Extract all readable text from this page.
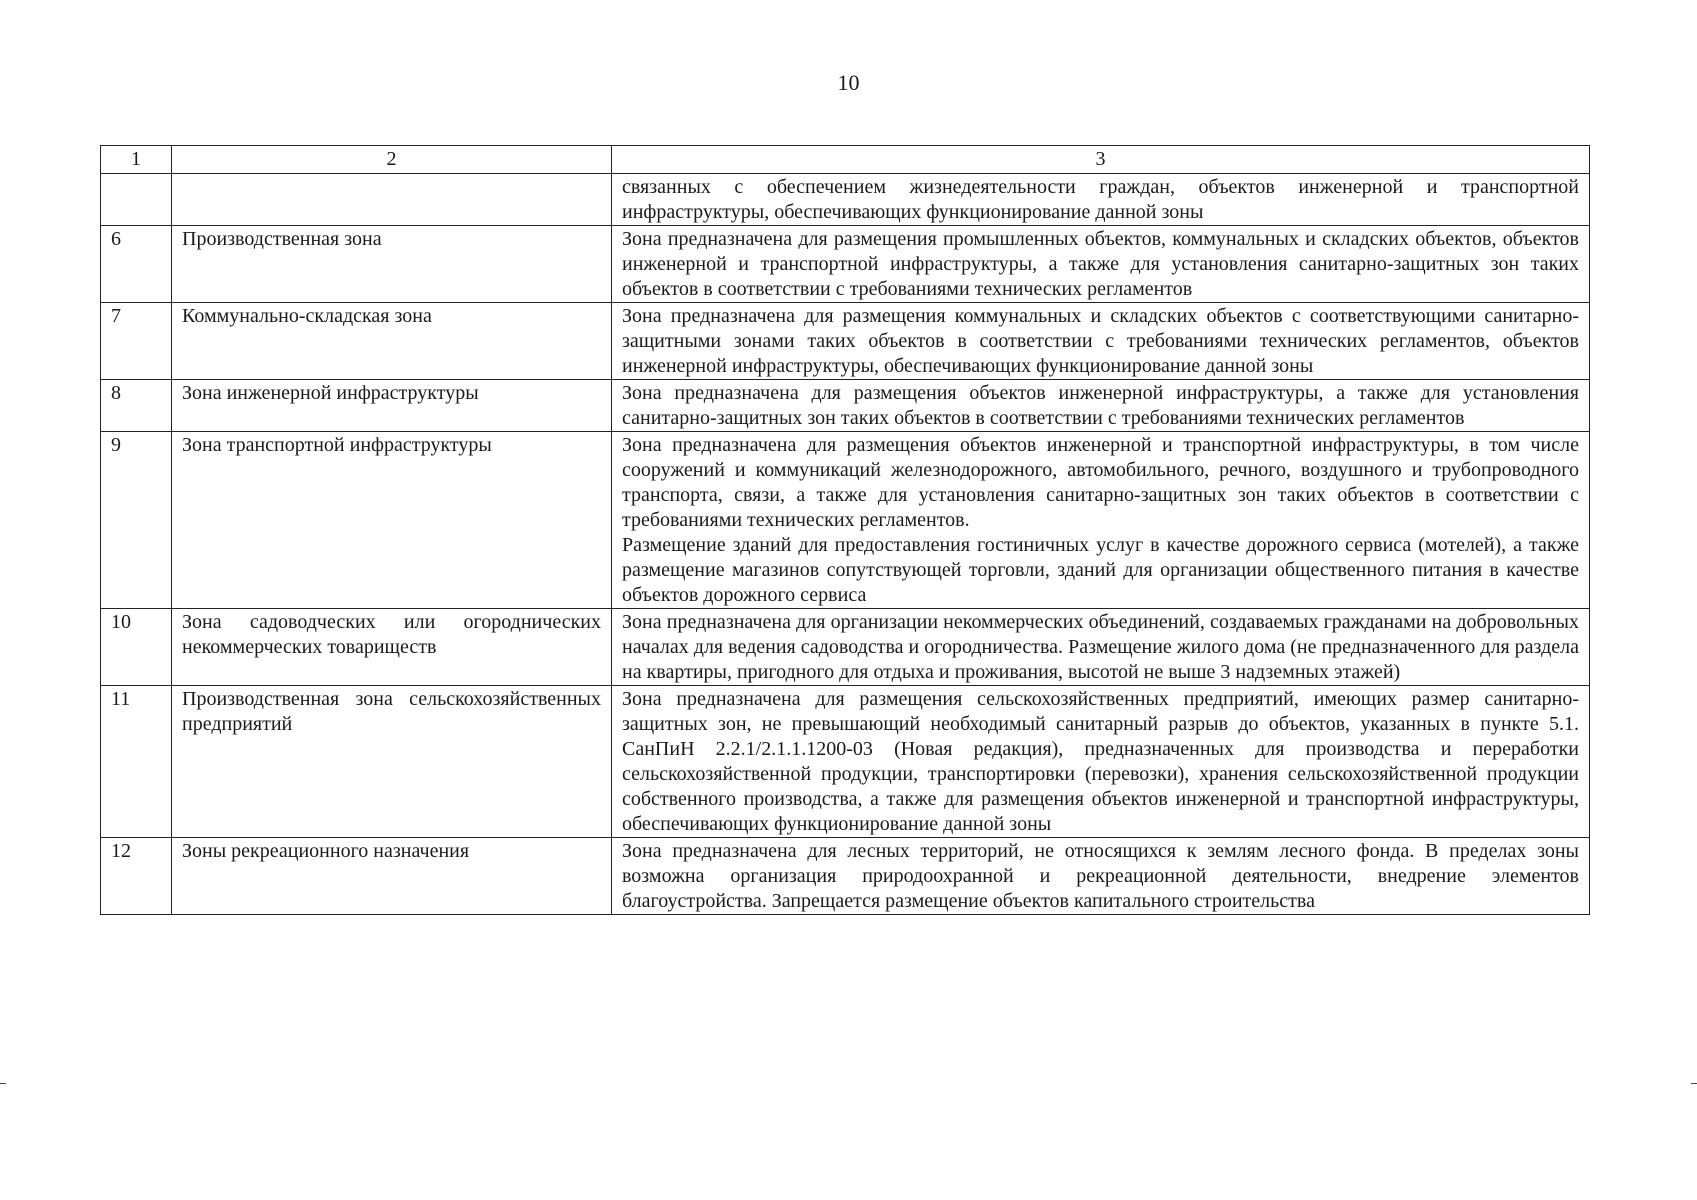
10
1	2	3

		связанных с обеспечением жизнедеятельности граждан, объектов инженерной и транспортной инфраструктуры, обеспечивающих функционирование данной зоны

6	Производственная зона	Зона предназначена для размещения промышленных объектов, коммунальных и складских объектов, объектов инженерной и транспортной инфраструктуры, а также для установления санитарно-защитных зон таких объектов в соответствии с требованиями технических регламентов

7	Коммунально-складская зона	Зона предназначена для размещения коммунальных и складских объектов с соответствующими санитарно-защитными зонами таких объектов в соответствии с требованиями технических регламентов, объектов инженерной инфраструктуры, обеспечивающих функционирование данной зоны

8	Зона инженерной инфраструктуры	Зона предназначена для размещения объектов инженерной инфраструктуры, а также для установления санитарно-защитных зон таких объектов в соответствии с требованиями технических регламентов

9	Зона транспортной инфраструктуры	Зона предназначена для размещения объектов инженерной и транспортной инфраструктуры, в том числе сооружений и коммуникаций железнодорожного, автомобильного, речного, воздушного и трубопроводного транспорта, связи, а также для установления санитарно-защитных зон таких объектов в соответствии с требованиями технических регламентов.

Размещение зданий для предоставления гостиничных услуг в качестве дорожного сервиса (мотелей), а также размещение магазинов сопутствующей торговли, зданий для организации общественного питания в качестве объектов дорожного сервиса

10	Зона садоводческих или огороднических некоммерческих товариществ	Зона предназначена для организации некоммерческих объединений, создаваемых гражданами на добровольных началах для ведения садоводства и огородничества. Размещение жилого дома (не предназначенного для раздела на квартиры, пригодного для отдыха и проживания, высотой не выше 3 надземных этажей)

11	Производственная зона сельскохозяйственных предприятий	Зона предназначена для размещения сельскохозяйственных предприятий, имеющих размер санитарно-защитных зон, не превышающий необходимый санитарный разрыв до объектов, указанных в пункте 5.1. СанПиН 2.2.1/2.1.1.1200-03 (Новая редакция), предназначенных для производства и переработки сельскохозяйственной продукции, транспортировки (перевозки), хранения сельскохозяйственной продукции собственного производства, а также для размещения объектов инженерной и транспортной инфраструктуры, обеспечивающих функционирование данной зоны

12	Зоны рекреационного назначения	Зона предназначена для лесных территорий, не относящихся к землям лесного фонда. В пределах зоны возможна организация природоохранной и рекреационной деятельности, внедрение элементов благоустройства. Запрещается размещение объектов капитального строительства
